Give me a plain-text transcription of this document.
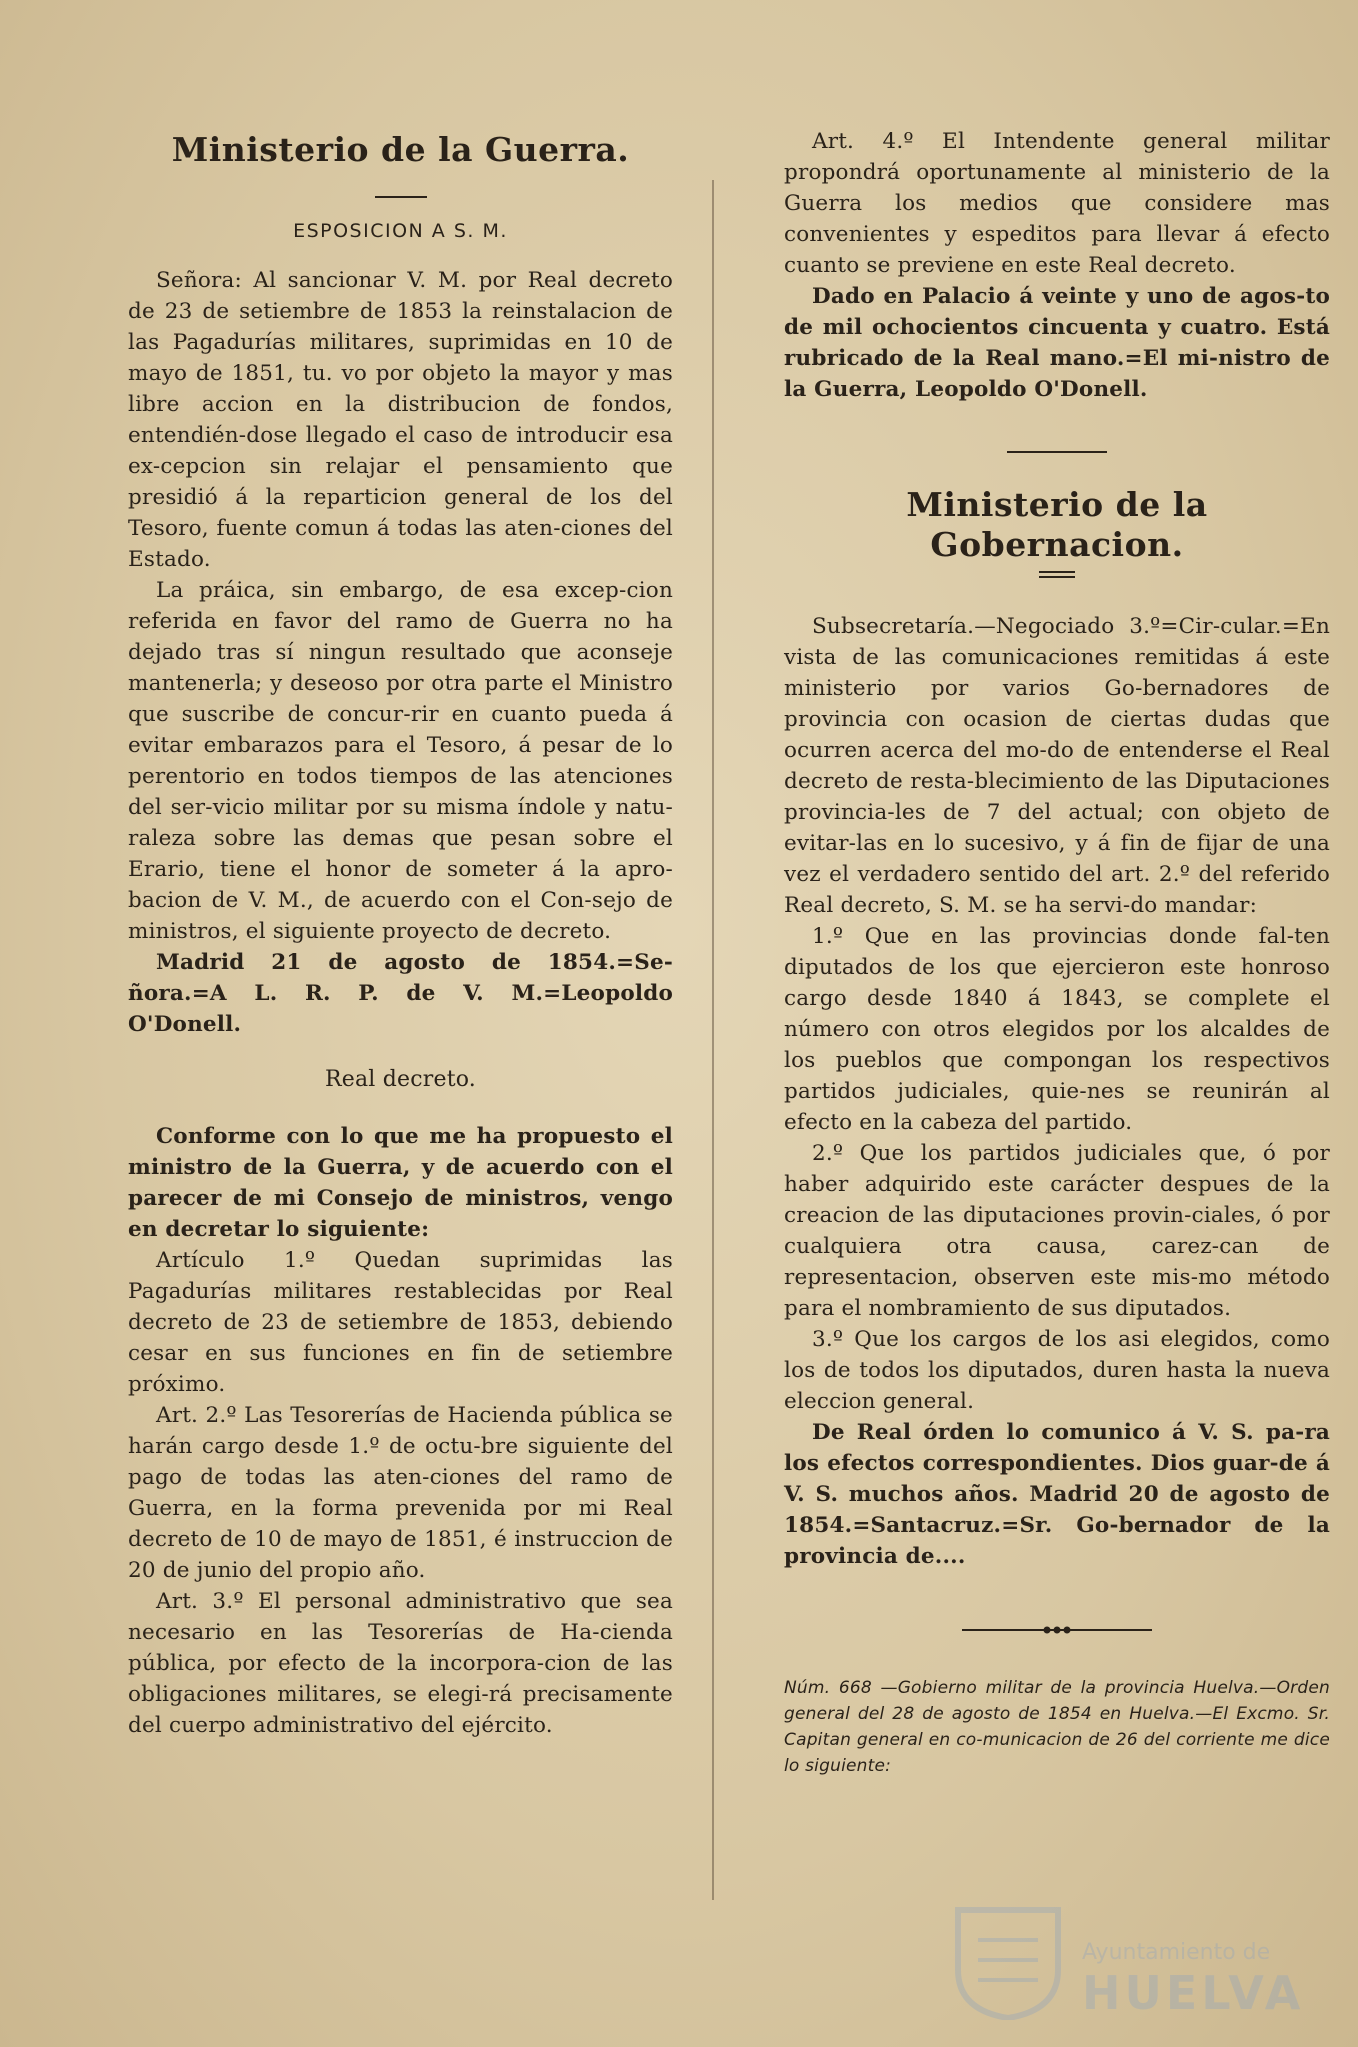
Ministerio de la Guerra.
ESPOSICION A S. M.

Señora: Al sancionar V. M. por Real decreto de 23 de setiembre de 1853 la reinstalacion de las Pagadurías militares, suprimidas en 10 de mayo de 1851, tu. vo por objeto la mayor y mas libre accion en la distribucion de fondos, entendién-dose llegado el caso de introducir esa ex-cepcion sin relajar el pensamiento que presidió á la reparticion general de los del Tesoro, fuente comun á todas las aten-ciones del Estado.

La práica, sin embargo, de esa excep-cion referida en favor del ramo de Guerra no ha dejado tras sí ningun resultado que aconseje mantenerla; y deseoso por otra parte el Ministro que suscribe de concur-rir en cuanto pueda á evitar embarazos para el Tesoro, á pesar de lo perentorio en todos tiempos de las atenciones del ser-vicio militar por su misma índole y natu-raleza sobre las demas que pesan sobre el Erario, tiene el honor de someter á la apro-bacion de V. M., de acuerdo con el Con-sejo de ministros, el siguiente proyecto de decreto.

Madrid 21 de agosto de 1854.=Se-ñora.=A L. R. P. de V. M.=Leopoldo O'Donell.

Real decreto.

Conforme con lo que me ha propuesto el ministro de la Guerra, y de acuerdo con el parecer de mi Consejo de ministros, vengo en decretar lo siguiente:

Artículo 1.º Quedan suprimidas las Pagadurías militares restablecidas por Real decreto de 23 de setiembre de 1853, debiendo cesar en sus funciones en fin de setiembre próximo.

Art. 2.º Las Tesorerías de Hacienda pública se harán cargo desde 1.º de octu-bre siguiente del pago de todas las aten-ciones del ramo de Guerra, en la forma prevenida por mi Real decreto de 10 de mayo de 1851, é instruccion de 20 de junio del propio año.

Art. 3.º El personal administrativo que sea necesario en las Tesorerías de Ha-cienda pública, por efecto de la incorpora-cion de las obligaciones militares, se elegi-rá precisamente del cuerpo administrativo del ejército.

Art. 4.º El Intendente general militar propondrá oportunamente al ministerio de la Guerra los medios que considere mas convenientes y espeditos para llevar á efecto cuanto se previene en este Real decreto.

Dado en Palacio á veinte y uno de agos-to de mil ochocientos cincuenta y cuatro. Está rubricado de la Real mano.=El mi-nistro de la Guerra, Leopoldo O'Donell.

Ministerio de la Gobernacion.

Subsecretaría.—Negociado 3.º=Cir-cular.=En vista de las comunicaciones remitidas á este ministerio por varios Go-bernadores de provincia con ocasion de ciertas dudas que ocurren acerca del mo-do de entenderse el Real decreto de resta-blecimiento de las Diputaciones provincia-les de 7 del actual; con objeto de evitar-las en lo sucesivo, y á fin de fijar de una vez el verdadero sentido del art. 2.º del referido Real decreto, S. M. se ha servi-do mandar:

1.º Que en las provincias donde fal-ten diputados de los que ejercieron este honroso cargo desde 1840 á 1843, se complete el número con otros elegidos por los alcaldes de los pueblos que compongan los respectivos partidos judiciales, quie-nes se reunirán al efecto en la cabeza del partido.

2.º Que los partidos judiciales que, ó por haber adquirido este carácter despues de la creacion de las diputaciones provin-ciales, ó por cualquiera otra causa, carez-can de representacion, observen este mis-mo método para el nombramiento de sus diputados.

3.º Que los cargos de los asi elegidos, como los de todos los diputados, duren hasta la nueva eleccion general.

De Real órden lo comunico á V. S. pa-ra los efectos correspondientes. Dios guar-de á V. S. muchos años. Madrid 20 de agosto de 1854.=Santacruz.=Sr. Go-bernador de la provincia de....

Núm. 668 —Gobierno militar de la provincia Huelva.—Orden general del 28 de agosto de 1854 en Huelva.—El Excmo. Sr. Capitan general en co-municacion de 26 del corriente me dice lo siguiente:
Ayuntamiento de
HUELVA
